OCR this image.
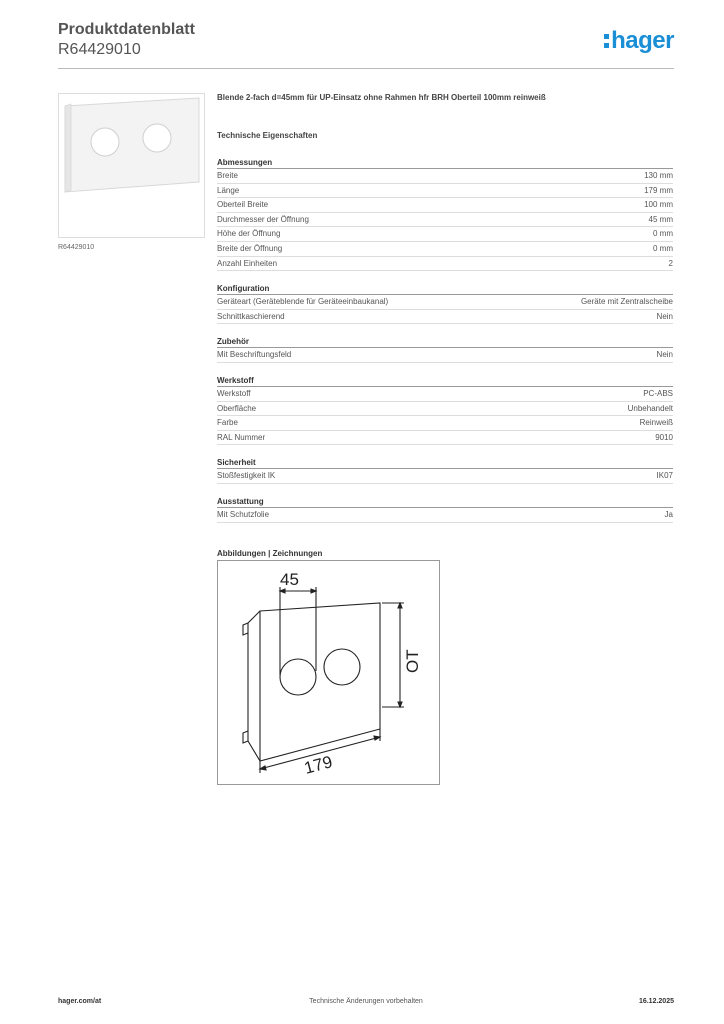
Produktdatenblatt
R64429010	hager
R64429010
Blende 2-fach d=45mm für UP-Einsatz ohne Rahmen hfr BRH Oberteil 100mm reinweiß
Technische Eigenschaften
Abmessungen
Breite	130 mm
Länge	179 mm
Oberteil Breite	100 mm
Durchmesser der Öffnung	45 mm
Höhe der Öffnung	0 mm
Breite der Öffnung	0 mm
Anzahl Einheiten	2
Konfiguration
Geräteart (Geräteblende für Geräteeinbaukanal)	Geräte mit Zentralscheibe
Schnittkaschierend	Nein
Zubehör
Mit Beschriftungsfeld	Nein
Werkstoff
Werkstoff	PC-ABS
Oberfläche	Unbehandelt
Farbe	Reinweiß
RAL Nummer	9010
Sicherheit
Stoßfestigkeit IK	IK07
Ausstattung
Mit Schutzfolie	Ja
Abbildungen | Zeichnungen
45
OT
179
Technische Änderungen vorbehalten
hager.com/at	16.12.2025
